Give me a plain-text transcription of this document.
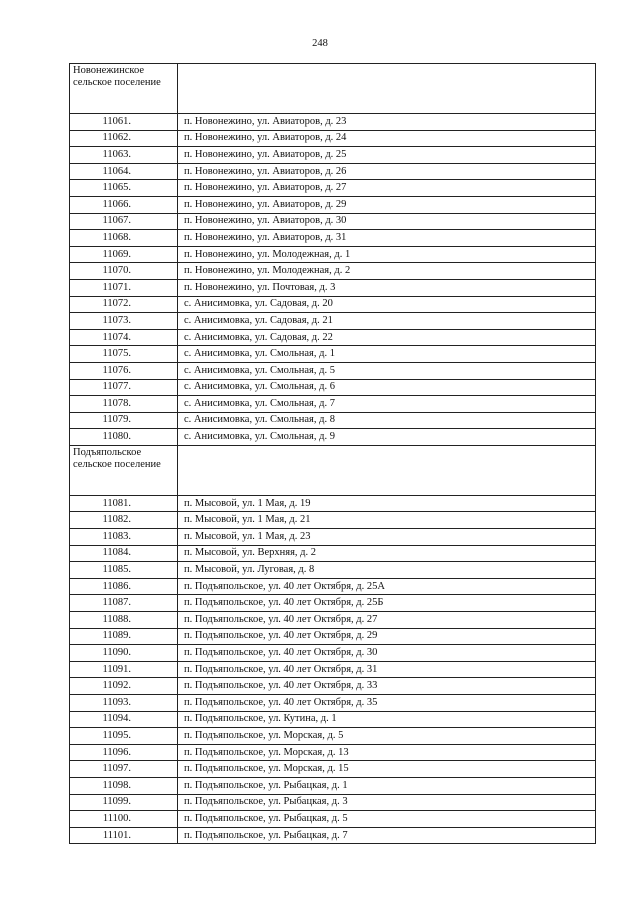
248
Новонежинское сельское поселение	
11061.	п. Новонежино, ул. Авиаторов, д. 23
11062.	п. Новонежино, ул. Авиаторов, д. 24
11063.	п. Новонежино, ул. Авиаторов, д. 25
11064.	п. Новонежино, ул. Авиаторов, д. 26
11065.	п. Новонежино, ул. Авиаторов, д. 27
11066.	п. Новонежино, ул. Авиаторов, д. 29
11067.	п. Новонежино, ул. Авиаторов, д. 30
11068.	п. Новонежино, ул. Авиаторов, д. 31
11069.	п. Новонежино, ул. Молодежная, д. 1
11070.	п. Новонежино, ул. Молодежная, д. 2
11071.	п. Новонежино, ул. Почтовая, д. 3
11072.	с. Анисимовка, ул. Садовая, д. 20
11073.	с. Анисимовка, ул. Садовая, д. 21
11074.	с. Анисимовка, ул. Садовая, д. 22
11075.	с. Анисимовка, ул. Смольная, д. 1
11076.	с. Анисимовка, ул. Смольная, д. 5
11077.	с. Анисимовка, ул. Смольная, д. 6
11078.	с. Анисимовка, ул. Смольная, д. 7
11079.	с. Анисимовка, ул. Смольная, д. 8
11080.	с. Анисимовка, ул. Смольная, д. 9
Подъяпольское сельское поселение	
11081.	п. Мысовой, ул. 1 Мая, д. 19
11082.	п. Мысовой, ул. 1 Мая, д. 21
11083.	п. Мысовой, ул. 1 Мая, д. 23
11084.	п. Мысовой, ул. Верхняя, д. 2
11085.	п. Мысовой, ул. Луговая, д. 8
11086.	п. Подъяпольское, ул. 40 лет Октября, д. 25А
11087.	п. Подъяпольское, ул. 40 лет Октября, д. 25Б
11088.	п. Подъяпольское, ул. 40 лет Октября, д. 27
11089.	п. Подъяпольское, ул. 40 лет Октября, д. 29
11090.	п. Подъяпольское, ул. 40 лет Октября, д. 30
11091.	п. Подъяпольское, ул. 40 лет Октября, д. 31
11092.	п. Подъяпольское, ул. 40 лет Октября, д. 33
11093.	п. Подъяпольское, ул. 40 лет Октября, д. 35
11094.	п. Подъяпольское, ул. Кутина, д. 1
11095.	п. Подъяпольское, ул. Морская, д. 5
11096.	п. Подъяпольское, ул. Морская, д. 13
11097.	п. Подъяпольское, ул. Морская, д. 15
11098.	п. Подъяпольское, ул. Рыбацкая, д. 1
11099.	п. Подъяпольское, ул. Рыбацкая, д. 3
11100.	п. Подъяпольское, ул. Рыбацкая, д. 5
11101.	п. Подъяпольское, ул. Рыбацкая, д. 7
